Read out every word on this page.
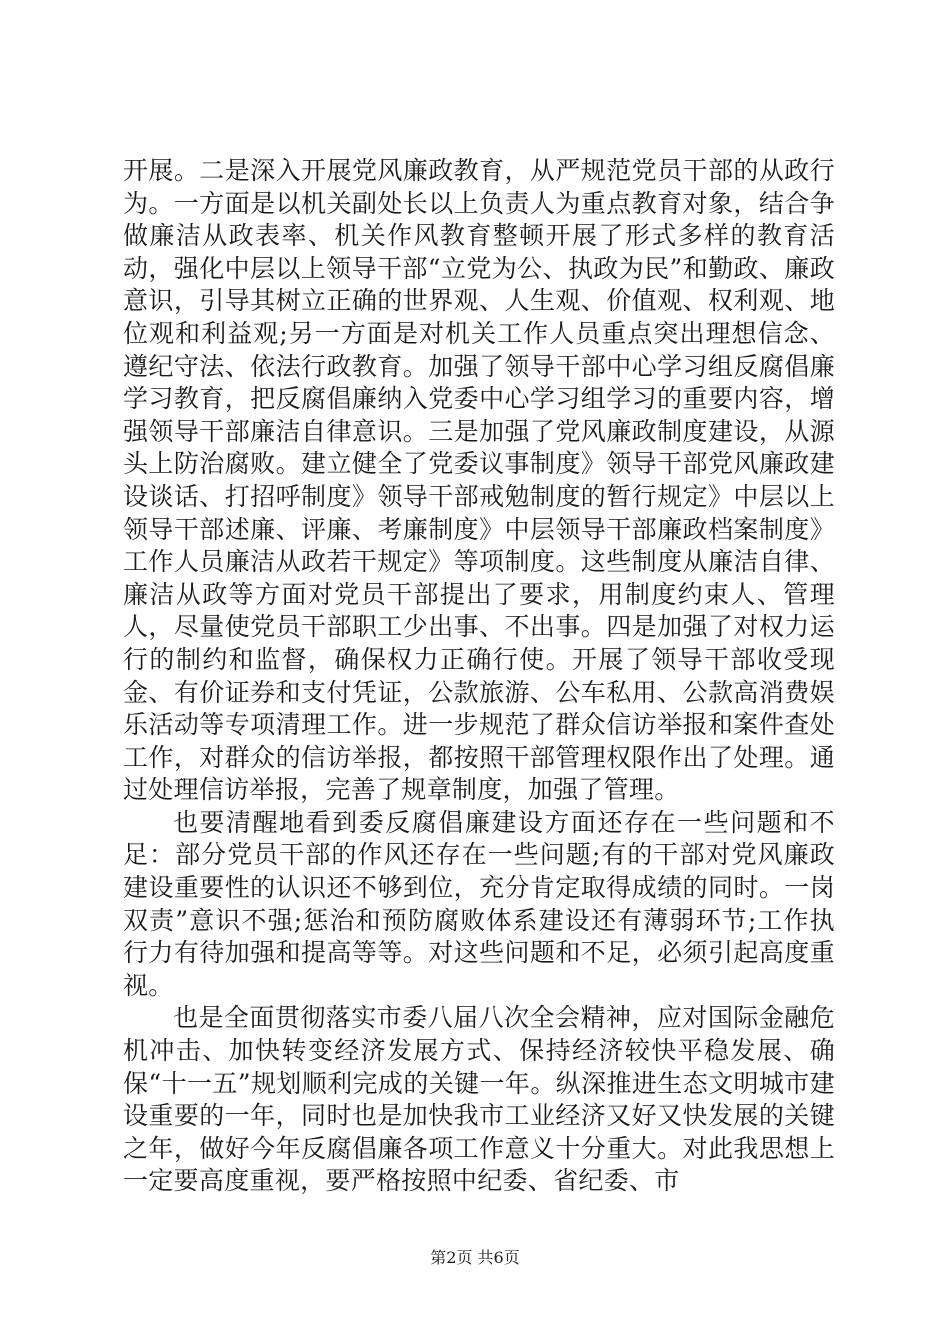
开展。二是深入开展党风廉政教育，从严规范党员干部的从政行为。一方面是以机关副处长以上负责人为重点教育对象，结合争做廉洁从政表率、机关作风教育整顿开展了形式多样的教育活动，强化中层以上领导干部“立党为公、执政为民”和勤政、廉政意识，引导其树立正确的世界观、人生观、价值观、权利观、地位观和利益观;另一方面是对机关工作人员重点突出理想信念、遵纪守法、依法行政教育。加强了领导干部中心学习组反腐倡廉学习教育，把反腐倡廉纳入党委中心学习组学习的重要内容，增强领导干部廉洁自律意识。三是加强了党风廉政制度建设，从源头上防治腐败。建立健全了党委议事制度》领导干部党风廉政建设谈话、打招呼制度》领导干部戒勉制度的暂行规定》中层以上领导干部述廉、评廉、考廉制度》中层领导干部廉政档案制度》工作人员廉洁从政若干规定》等项制度。这些制度从廉洁自律、廉洁从政等方面对党员干部提出了要求，用制度约束人、管理人，尽量使党员干部职工少出事、不出事。四是加强了对权力运行的制约和监督，确保权力正确行使。开展了领导干部收受现金、有价证券和支付凭证，公款旅游、公车私用、公款高消费娱乐活动等专项清理工作。进一步规范了群众信访举报和案件查处工作，对群众的信访举报，都按照干部管理权限作出了处理。通过处理信访举报，完善了规章制度，加强了管理。

也要清醒地看到委反腐倡廉建设方面还存在一些问题和不足：部分党员干部的作风还存在一些问题;有的干部对党风廉政建设重要性的认识还不够到位，充分肯定取得成绩的同时。一岗双责”意识不强;惩治和预防腐败体系建设还有薄弱环节;工作执行力有待加强和提高等等。对这些问题和不足，必须引起高度重视。

也是全面贯彻落实市委八届八次全会精神，应对国际金融危机冲击、加快转变经济发展方式、保持经济较快平稳发展、确保“十一五”规划顺利完成的关键一年。纵深推进生态文明城市建设重要的一年，同时也是加快我市工业经济又好又快发展的关键之年，做好今年反腐倡廉各项工作意义十分重大。对此我思想上一定要高度重视，要严格按照中纪委、省纪委、市

第2页 共6页
